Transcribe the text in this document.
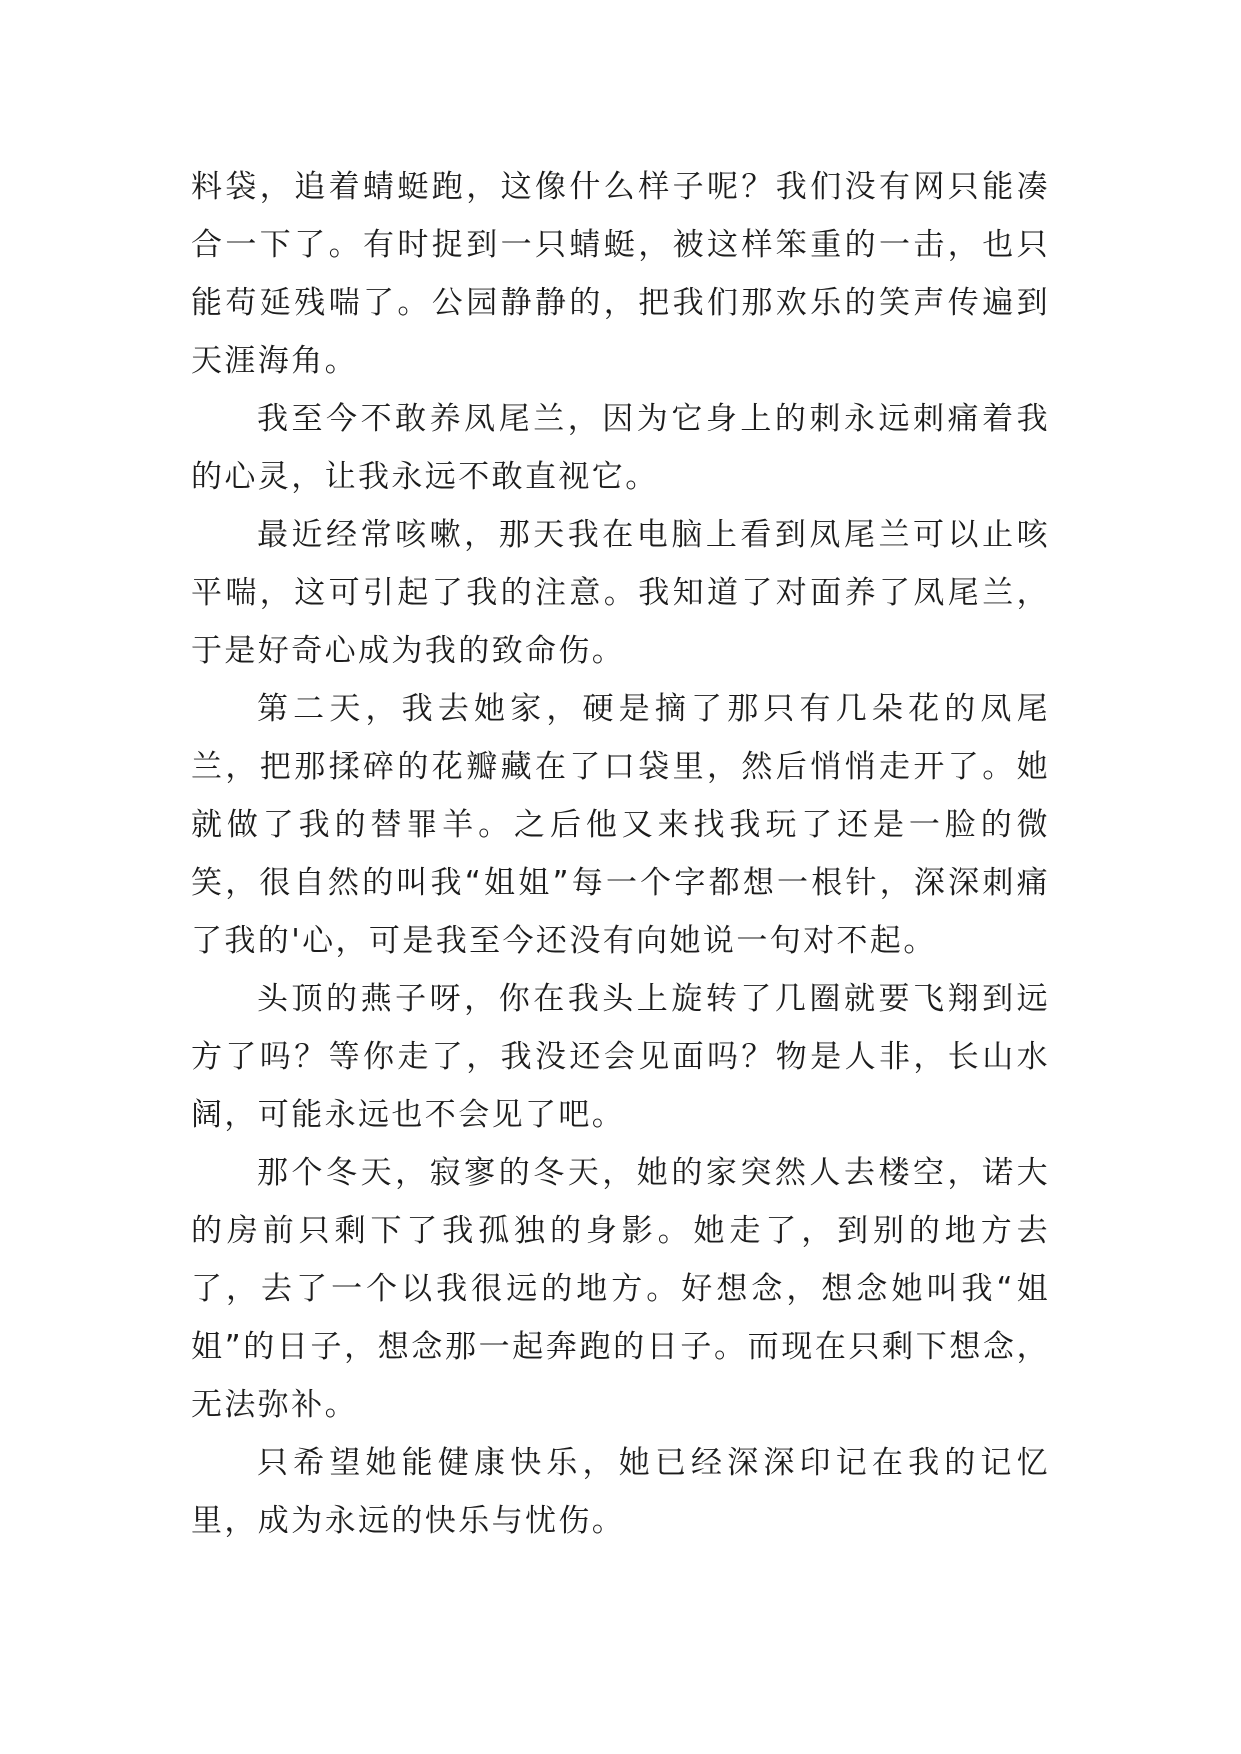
料袋，追着蜻蜓跑，这像什么样子呢？我们没有网只能凑合一下了。有时捉到一只蜻蜓，被这样笨重的一击，也只能苟延残喘了。公园静静的，把我们那欢乐的笑声传遍到天涯海角。

我至今不敢养凤尾兰，因为它身上的刺永远刺痛着我的心灵，让我永远不敢直视它。

最近经常咳嗽，那天我在电脑上看到凤尾兰可以止咳平喘，这可引起了我的注意。我知道了对面养了凤尾兰，于是好奇心成为我的致命伤。

第二天，我去她家，硬是摘了那只有几朵花的凤尾兰，把那揉碎的花瓣藏在了口袋里，然后悄悄走开了。她就做了我的替罪羊。之后他又来找我玩了还是一脸的微笑，很自然的叫我“姐姐”每一个字都想一根针，深深刺痛了我的'心，可是我至今还没有向她说一句对不起。

头顶的燕子呀，你在我头上旋转了几圈就要飞翔到远方了吗？等你走了，我没还会见面吗？物是人非，长山水阔，可能永远也不会见了吧。

那个冬天，寂寥的冬天，她的家突然人去楼空，诺大的房前只剩下了我孤独的身影。她走了，到别的地方去了，去了一个以我很远的地方。好想念，想念她叫我“姐姐”的日子，想念那一起奔跑的日子。而现在只剩下想念，无法弥补。

只希望她能健康快乐，她已经深深印记在我的记忆里，成为永远的快乐与忧伤。
